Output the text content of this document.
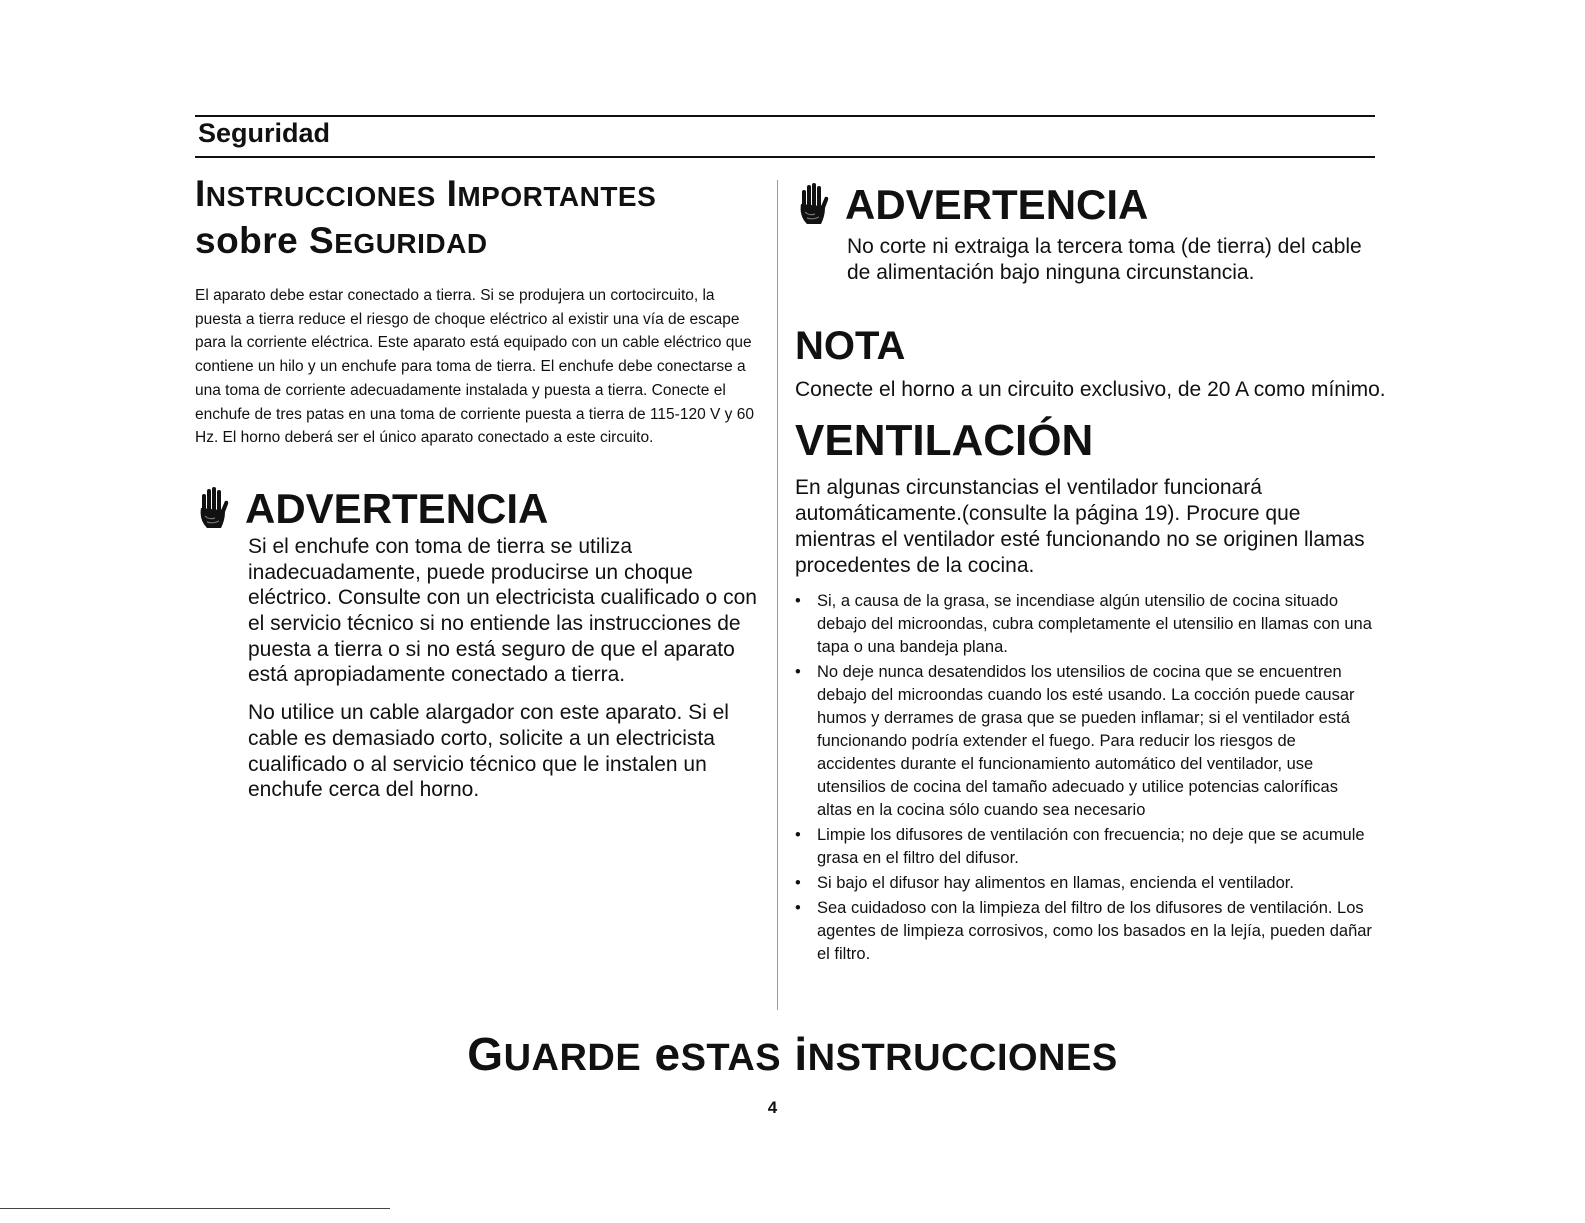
Seguridad
INSTRUCCIONES IMPORTANTES
sobre SEGURIDAD

El aparato debe estar conectado a tierra. Si se produjera un cortocircuito, la puesta a tierra reduce el riesgo de choque eléctrico al existir una vía de escape para la corriente eléctrica. Este aparato está equipado con un cable eléctrico que contiene un hilo y un enchufe para toma de tierra. El enchufe debe conectarse a una toma de corriente adecuadamente instalada y puesta a tierra. Conecte el enchufe de tres patas en una toma de corriente puesta a tierra de 115-120 V y 60 Hz. El horno deberá ser el único aparato conectado a este circuito.

ADVERTENCIA

Si el enchufe con toma de tierra se utiliza inadecuadamente, puede producirse un choque eléctrico. Consulte con un electricista cualificado o con el servicio técnico si no entiende las instrucciones de puesta a tierra o si no está seguro de que el aparato está apropiadamente conectado a tierra.

No utilice un cable alargador con este aparato. Si el cable es demasiado corto, solicite a un electricista cualificado o al servicio técnico que le instalen un enchufe cerca del horno.

ADVERTENCIA

No corte ni extraiga la tercera toma (de tierra) del cable de alimentación bajo ninguna circunstancia.

NOTA

Conecte el horno a un circuito exclusivo, de 20 A como mínimo.

VENTILACIÓN

En algunas circunstancias el ventilador funcionará automáticamente.(consulte la página 19). Procure que mientras el ventilador esté funcionando no se originen llamas procedentes de la cocina.

• Si, a causa de la grasa, se incendiase algún utensilio de cocina situado debajo del microondas, cubra completamente el utensilio en llamas con una tapa o una bandeja plana.
• No deje nunca desatendidos los utensilios de cocina que se encuentren debajo del microondas cuando los esté usando. La cocción puede causar humos y derrames de grasa que se pueden inflamar; si el ventilador está funcionando podría extender el fuego. Para reducir los riesgos de accidentes durante el funcionamiento automático del ventilador, use utensilios de cocina del tamaño adecuado y utilice potencias caloríficas altas en la cocina sólo cuando sea necesario
• Limpie los difusores de ventilación con frecuencia; no deje que se acumule grasa en el filtro del difusor.
• Si bajo el difusor hay alimentos en llamas, encienda el ventilador.
• Sea cuidadoso con la limpieza del filtro de los difusores de ventilación. Los agentes de limpieza corrosivos, como los basados en la lejía, pueden dañar el filtro.
GUARDE eSTAS iNSTRUCCIONES
4
